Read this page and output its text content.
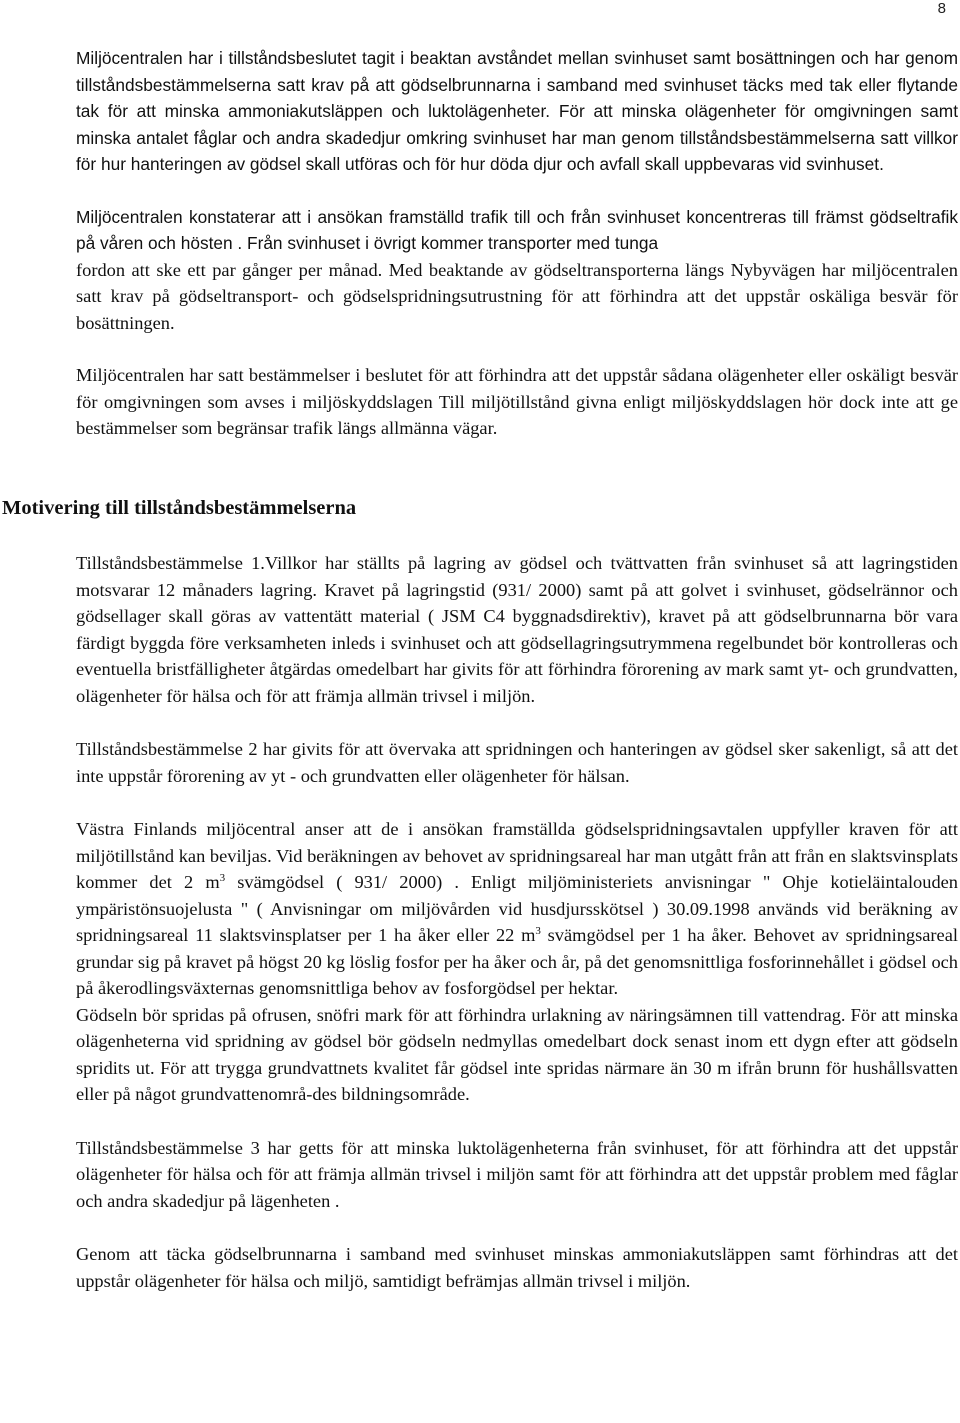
8

Miljöcentralen har i tillståndsbeslutet tagit i beaktan avståndet mellan svinhuset samt bosättningen och har genom tillståndsbestämmelserna satt krav på att gödselbrunnarna i samband med svinhuset täcks med tak eller flytande tak för att minska ammoniakutsläppen och luktolägenheter. För att minska olägenheter för omgivningen samt minska antalet fåglar och andra skadedjur omkring svinhuset har man genom tillståndsbestämmelserna satt villkor för hur hanteringen av gödsel skall utföras och för hur döda djur och avfall skall uppbevaras vid svinhuset.

Miljöcentralen konstaterar att i ansökan framställd trafik till och från svinhuset koncentreras till främst gödseltrafik på våren och hösten . Från svinhuset i övrigt kommer transporter med tunga

fordon att ske ett par gånger per månad. Med beaktande av gödseltransporterna längs Nybyvägen har miljöcentralen satt krav på gödseltransport- och gödselspridningsutrustning för att förhindra att det uppstår oskäliga besvär för bosättningen.

Miljöcentralen har satt bestämmelser i beslutet för att förhindra att det uppstår sådana olägenheter eller oskäligt besvär för omgivningen som avses i miljöskyddslagen Till miljötillstånd givna enligt miljöskyddslagen hör dock inte att ge bestämmelser som begränsar trafik längs allmänna vägar.

Motivering till tillståndsbestämmelserna

Tillståndsbestämmelse 1.Villkor har ställts på lagring av gödsel och tvättvatten från svinhuset så att lagringstiden motsvarar 12 månaders lagring. Kravet på lagringstid (931/ 2000) samt på att golvet i svinhuset, gödselrännor och gödsellager skall göras av vattentätt material ( JSM C4 byggnadsdirektiv), kravet på att gödselbrunnarna bör vara färdigt byggda före verksamheten inleds i svinhuset och att gödsellagringsutrymmena regelbundet bör kontrolleras och eventuella bristfälligheter åtgärdas omedelbart har givits för att förhindra förorening av mark samt yt- och grundvatten, olägenheter för hälsa och för att främja allmän trivsel i miljön.

Tillståndsbestämmelse 2 har givits för att övervaka att spridningen och hanteringen av gödsel sker sakenligt, så att det inte uppstår förorening av yt - och grundvatten eller olägenheter för hälsan.

Västra Finlands miljöcentral anser att de i ansökan framställda gödselspridningsavtalen uppfyller kraven för att miljötillstånd kan beviljas. Vid beräkningen av behovet av spridningsareal har man utgått från att från en slaktsvinsplats kommer det 2 $m^3$ svämgödsel ( 931/ 2000) . Enligt miljöministeriets anvisningar " Ohje kotieläintalouden ympäristönsuojelusta " ( Anvisningar om miljövården vid husdjursskötsel ) 30.09.1998 används vid beräkning av spridningsareal 11 slaktsvinsplatser per 1 ha åker eller 22 $m^3$ svämgödsel per 1 ha åker. Behovet av spridningsareal grundar sig på kravet på högst 20 kg löslig fosfor per ha åker och år, på det genomsnittliga fosforinnehållet i gödsel och på åkerodlingsväxternas genomsnittliga behov av fosforgödsel per hektar.

Gödseln bör spridas på ofrusen, snöfri mark för att förhindra urlakning av näringsämnen till vattendrag. För att minska olägenheterna vid spridning av gödsel bör gödseln nedmyllas omedelbart dock senast inom ett dygn efter att gödseln spridits ut. För att trygga grundvattnets kvalitet får gödsel inte spridas närmare än 30 m ifrån brunn för hushållsvatten eller på något grundvattenområ-des bildningsområde.

Tillståndsbestämmelse 3 har getts för att minska luktolägenheterna från svinhuset, för att förhindra att det uppstår olägenheter för hälsa och för att främja allmän trivsel i miljön samt för att förhindra att det uppstår problem med fåglar och andra skadedjur på lägenheten .

Genom att täcka gödselbrunnarna i samband med svinhuset minskas ammoniakutsläppen samt förhindras att det uppstår olägenheter för hälsa och miljö, samtidigt befrämjas allmän trivsel i miljön.
